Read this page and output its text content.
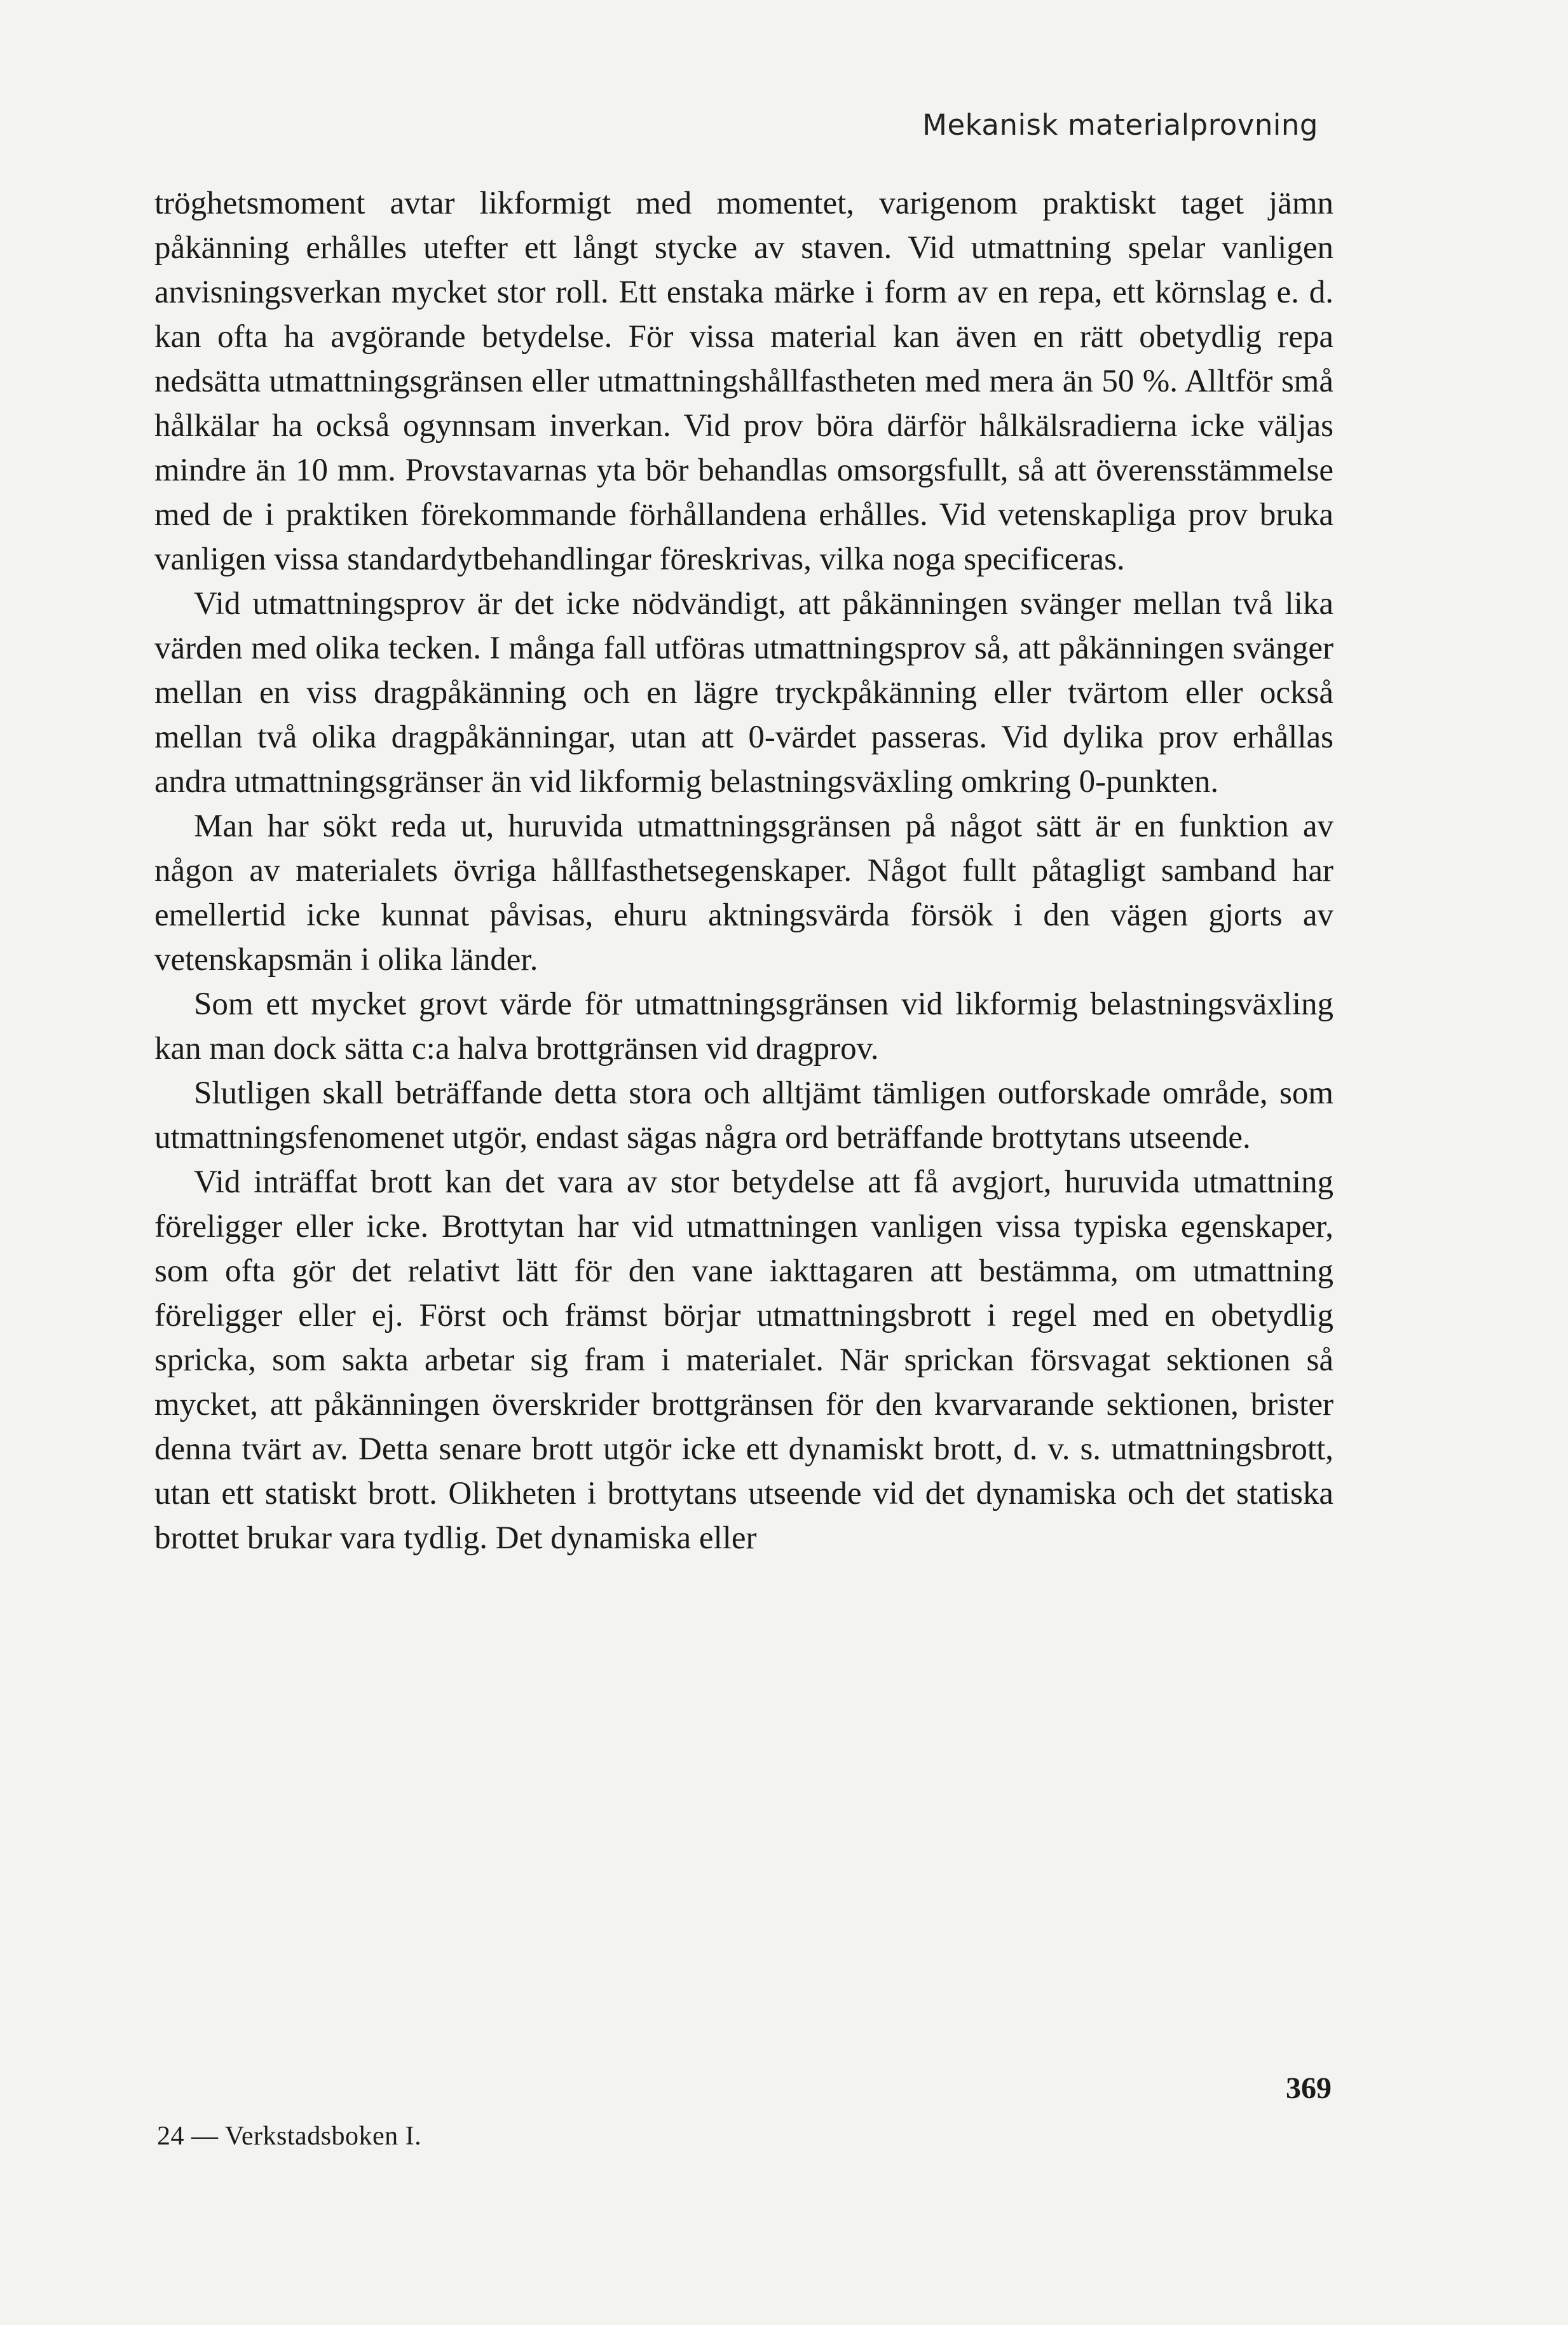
Mekanisk materialprovning

tröghetsmoment avtar likformigt med momentet, varigenom praktiskt taget jämn påkänning erhålles utefter ett långt stycke av staven. Vid utmattning spelar vanligen anvisningsverkan mycket stor roll. Ett enstaka märke i form av en repa, ett körnslag e. d. kan ofta ha avgörande betydelse. För vissa material kan även en rätt obetydlig repa nedsätta utmattningsgränsen eller utmattningshållfastheten med mera än 50 %. Alltför små hålkälar ha också ogynnsam inverkan. Vid prov böra därför hålkälsradierna icke väljas mindre än 10 mm. Provstavarnas yta bör behandlas omsorgsfullt, så att överensstämmelse med de i praktiken förekommande förhållandena erhålles. Vid vetenskapliga prov bruka vanligen vissa standardytbehandlingar föreskrivas, vilka noga specificeras.

Vid utmattningsprov är det icke nödvändigt, att påkänningen svänger mellan två lika värden med olika tecken. I många fall utföras utmattningsprov så, att påkänningen svänger mellan en viss dragpåkänning och en lägre tryckpåkänning eller tvärtom eller också mellan två olika dragpåkänningar, utan att 0-värdet passeras. Vid dylika prov erhållas andra utmattningsgränser än vid likformig belastningsväxling omkring 0-punkten.

Man har sökt reda ut, huruvida utmattningsgränsen på något sätt är en funktion av någon av materialets övriga hållfasthetsegenskaper. Något fullt påtagligt samband har emellertid icke kunnat påvisas, ehuru aktningsvärda försök i den vägen gjorts av vetenskapsmän i olika länder.

Som ett mycket grovt värde för utmattningsgränsen vid likformig belastningsväxling kan man dock sätta c:a halva brottgränsen vid dragprov.

Slutligen skall beträffande detta stora och alltjämt tämligen outforskade område, som utmattningsfenomenet utgör, endast sägas några ord beträffande brottytans utseende.

Vid inträffat brott kan det vara av stor betydelse att få avgjort, huruvida utmattning föreligger eller icke. Brottytan har vid utmattningen vanligen vissa typiska egenskaper, som ofta gör det relativt lätt för den vane iakttagaren att bestämma, om utmattning föreligger eller ej. Först och främst börjar utmattningsbrott i regel med en obetydlig spricka, som sakta arbetar sig fram i materialet. När sprickan försvagat sektionen så mycket, att påkänningen överskrider brottgränsen för den kvarvarande sektionen, brister denna tvärt av. Detta senare brott utgör icke ett dynamiskt brott, d. v. s. utmattningsbrott, utan ett statiskt brott. Olikheten i brottytans utseende vid det dynamiska och det statiska brottet brukar vara tydlig. Det dynamiska eller

369
24 — Verkstadsboken I.
